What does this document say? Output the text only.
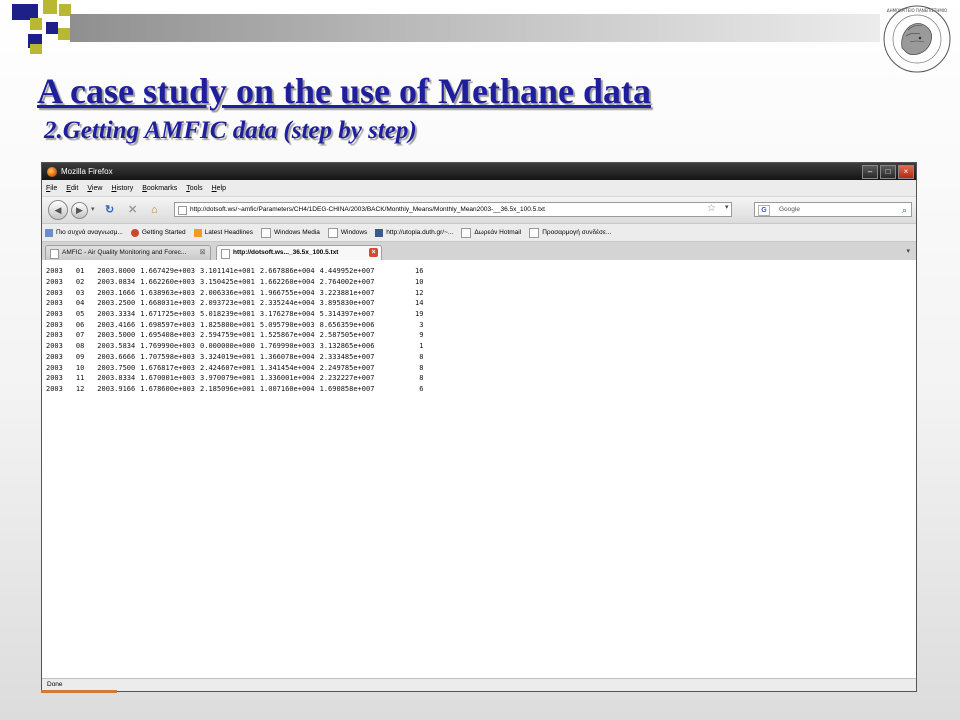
ΔΗΜΟΚΡΙΤΕΙΟ ΠΑΝΕΠΙΣΤΗΜΙΟ
A case study on the use of Methane data
2.Getting AMFIC data (step by step)
Mozilla Firefox	–	□	×
File Edit View History Bookmarks Tools Help
◀	▶	▾ ↻ ✕ ⌂	http://dotsoft.ws/~amfic/Parameters/CH4/1DEG-CHINA/2003/BACK/Monthly_Means/Monthly_Mean2003-__36.5x_100.5.txt	☆ ▾	G	Google	⌕
Πιο συχνά αναγνωσμ...	Getting Started	Latest Headlines	Windows Media	Windows	http://utopia.duth.gr/~...	Δωρεάν Hotmail	Προσαρμογή συνδέσε...
AMFIC - Air Quality Monitoring and Forec... ⊠	http://dotsoft.ws..._36.5x_100.5.txt	×	▾
2003	01	2003.0000	1.667429e+003	3.101141e+001	2.667886e+004	4.449952e+007	16
2003	02	2003.0834	1.662260e+003	3.150425e+001	1.662260e+004	2.764002e+007	10
2003	03	2003.1666	1.638963e+003	2.006336e+001	1.966755e+004	3.223881e+007	12
2003	04	2003.2500	1.668031e+003	2.093723e+001	2.335244e+004	3.895830e+007	14
2003	05	2003.3334	1.671725e+003	5.018239e+001	3.176278e+004	5.314397e+007	19
2003	06	2003.4166	1.698597e+003	1.825800e+001	5.095790e+003	8.656359e+006	3
2003	07	2003.5000	1.695408e+003	2.594759e+001	1.525867e+004	2.587505e+007	9
2003	08	2003.5834	1.769990e+003	0.000000e+000	1.769990e+003	3.132865e+006	1
2003	09	2003.6666	1.707598e+003	3.324019e+001	1.366078e+004	2.333485e+007	8
2003	10	2003.7500	1.676817e+003	2.424607e+001	1.341454e+004	2.249785e+007	8
2003	11	2003.8334	1.670001e+003	3.970079e+001	1.336001e+004	2.232227e+007	8
2003	12	2003.9166	1.678600e+003	2.185096e+001	1.007160e+004	1.690858e+007	6
Done
